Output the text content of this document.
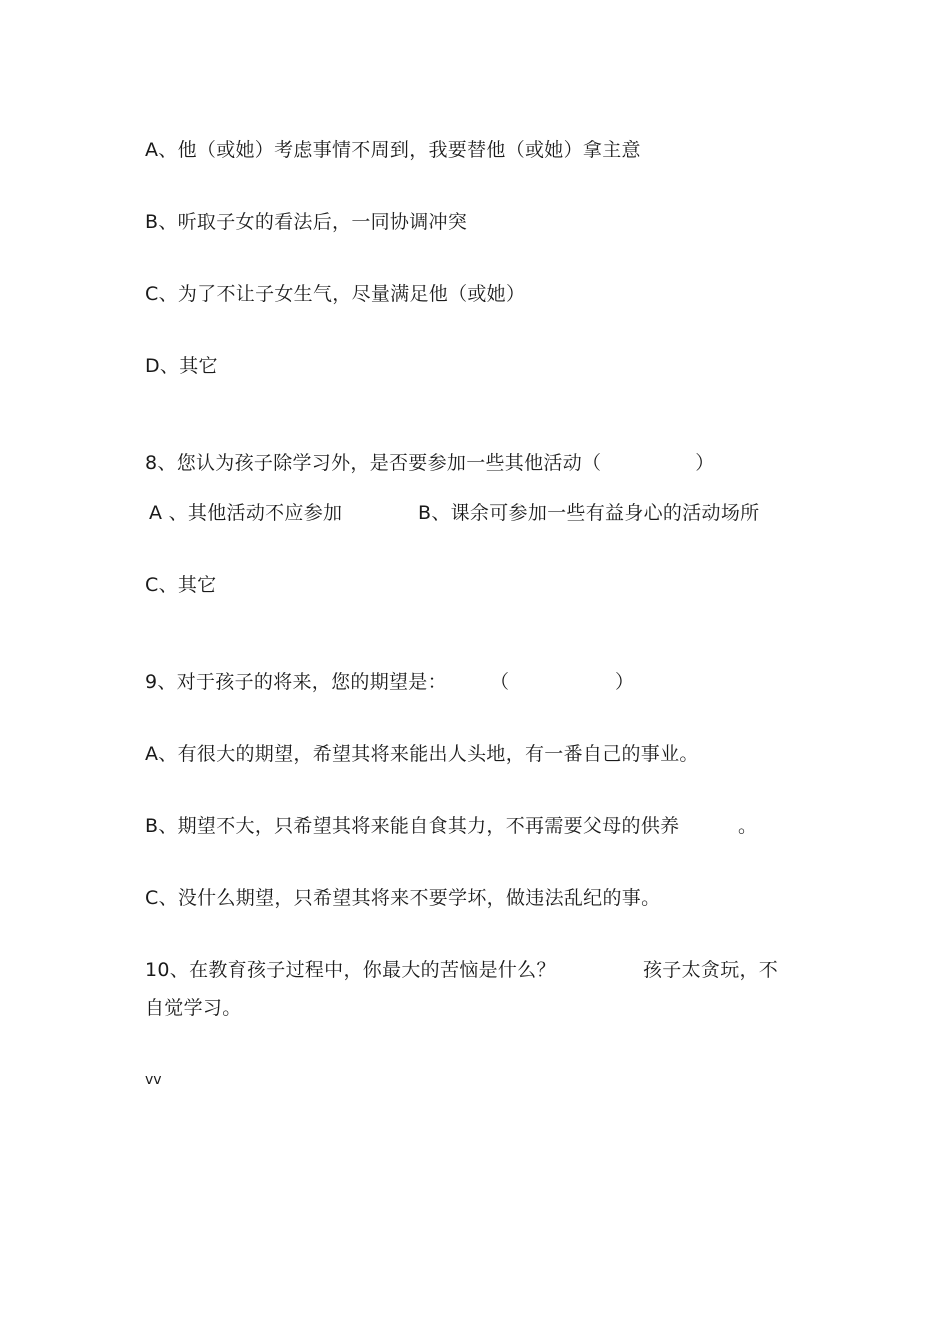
A、他（或她）考虑事情不周到，我要替他（或她）拿主意
B、听取子女的看法后，一同协调冲突
C、为了不让子女生气，尽量满足他（或她）
D、其它
8、您认为孩子除学习外，是否要参加一些其他活动（	）
A 、其他活动不应参加	B、课余可参加一些有益身心的活动场所
C、其它
9、对于孩子的将来，您的期望是： （	）
A、有很大的期望，希望其将来能出人头地，有一番自己的事业。
B、期望不大，只希望其将来能自食其力，不再需要父母的供养	。
C、没什么期望，只希望其将来不要学坏，做违法乱纪的事。
10、在教育孩子过程中，你最大的苦恼是什么？	孩子太贪玩，不
自觉学习。
vv
